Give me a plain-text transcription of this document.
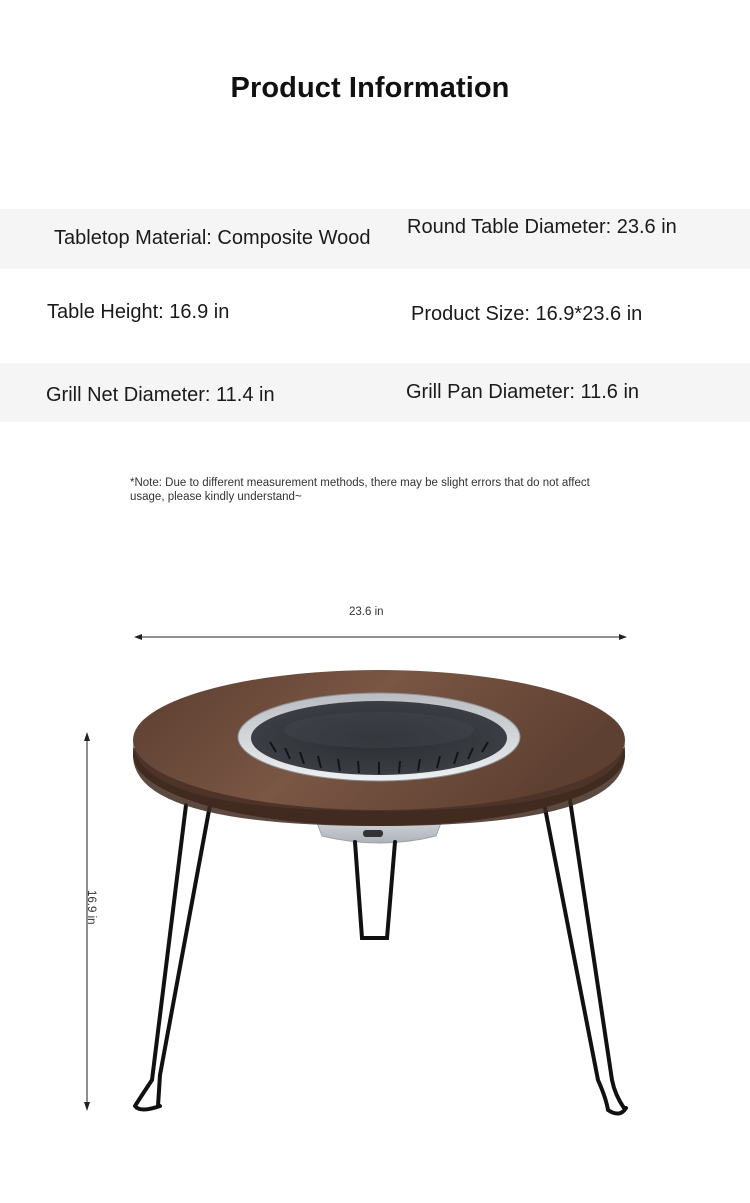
Product Information
Tabletop Material: Composite Wood Round Table Diameter: 23.6 in
Table Height: 16.9 in	Product Size: 16.9*23.6 in
Grill Net Diameter: 11.4 in	Grill Pan Diameter: 11.6 in
*Note: Due to different measurement methods, there may be slight errors that do not affect usage, please kindly understand~
23.6 in
16.9 in
